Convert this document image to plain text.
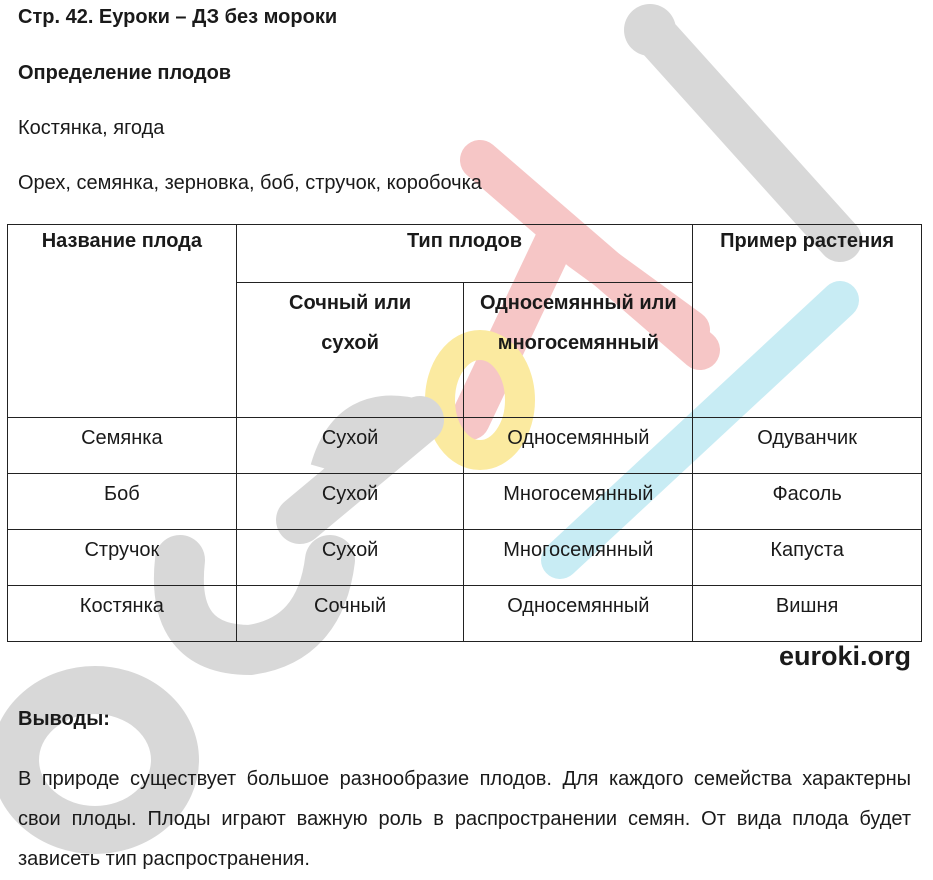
Стр. 42. Еуроки – ДЗ без мороки
Определение плодов
Костянка, ягода
Орех, семянка, зерновка, боб, стручок, коробочка
Название плода	Тип плодов		Пример растения
	Сочный или сухой	Односемянный или многосемянный	
Семянка	Сухой	Односемянный	Одуванчик
Боб	Сухой	Многосемянный	Фасоль
Стручок	Сухой	Многосемянный	Капуста
Костянка	Сочный	Односемянный	Вишня
euroki.org
Выводы:

В природе существует большое разнообразие плодов. Для каждого семейства характерны свои плоды. Плоды играют важную роль в распространении семян. От вида плода будет зависеть тип распространения.
